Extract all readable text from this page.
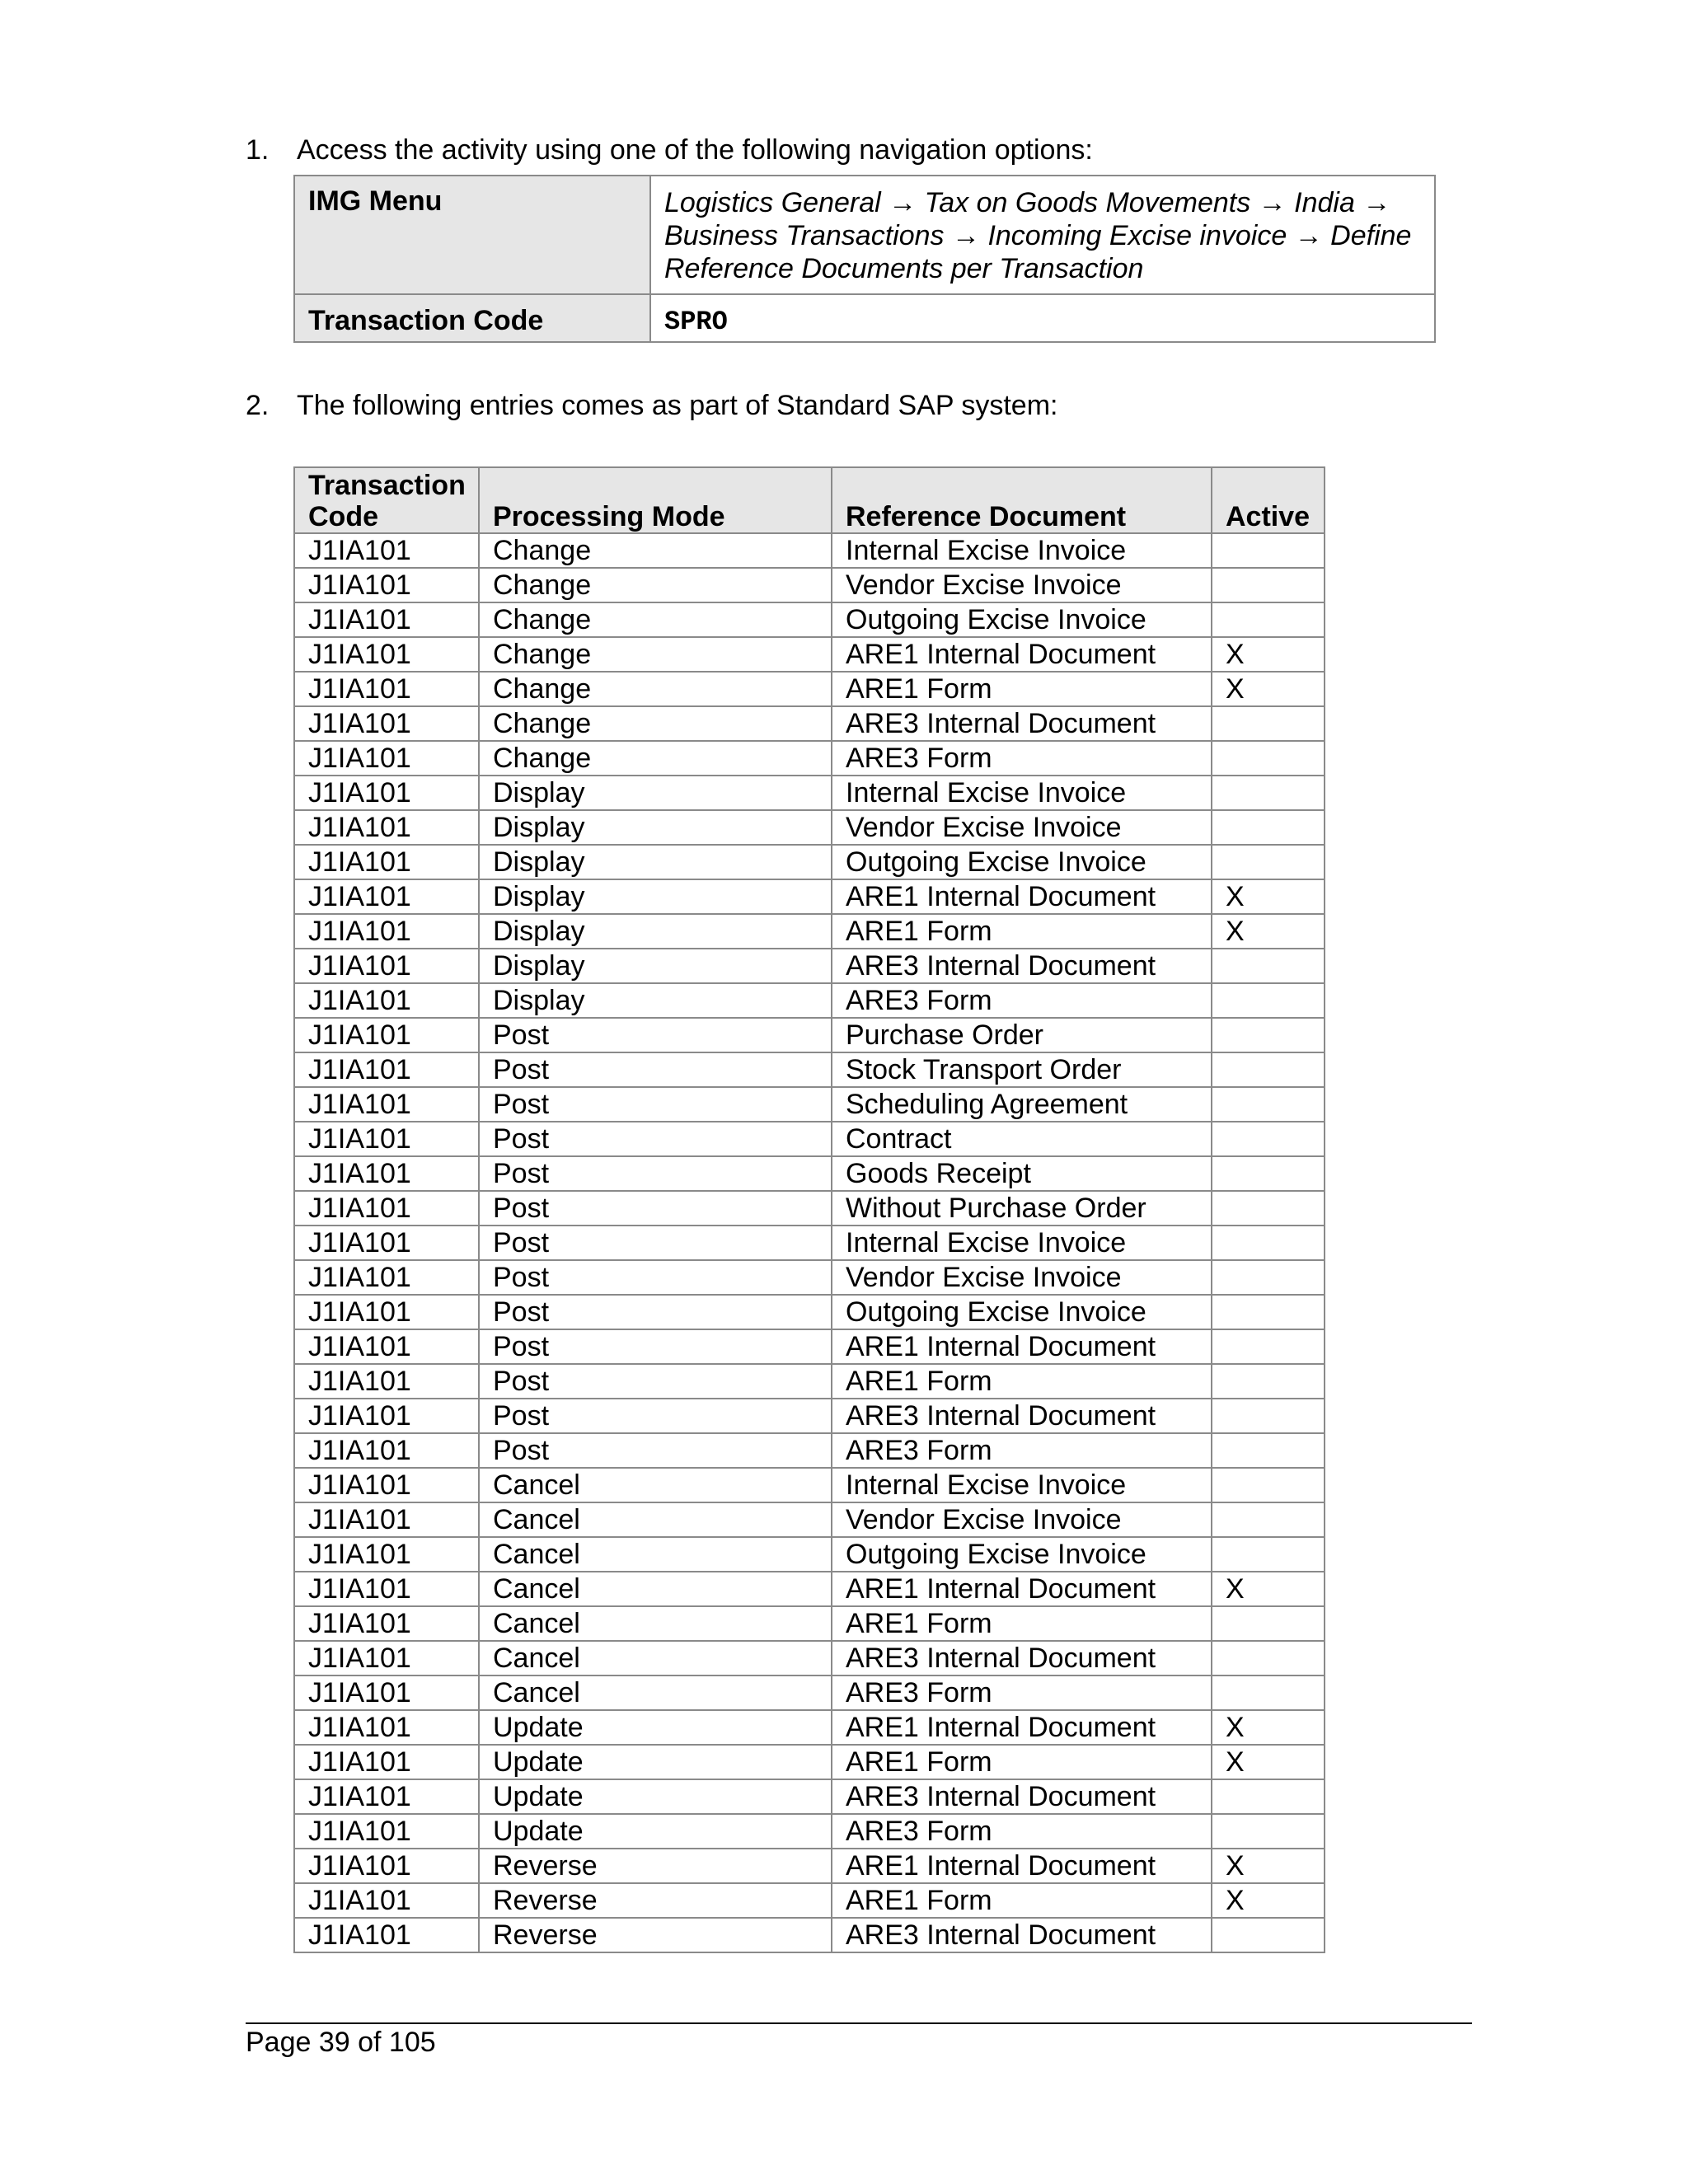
1. Access the activity using one of the following navigation options:
IMG Menu	Logistics General → Tax on Goods Movements → India →
Business Transactions → Incoming Excise invoice → Define Reference Documents per Transaction
Transaction Code	SPRO
2. The following entries comes as part of Standard SAP system:
Transaction Code	Processing Mode	Reference Document	Active
J1IA101	Change	Internal Excise Invoice	
J1IA101	Change	Vendor Excise Invoice	
J1IA101	Change	Outgoing Excise Invoice	
J1IA101	Change	ARE1 Internal Document	X
J1IA101	Change	ARE1 Form	X
J1IA101	Change	ARE3 Internal Document	
J1IA101	Change	ARE3 Form	
J1IA101	Display	Internal Excise Invoice	
J1IA101	Display	Vendor Excise Invoice	
J1IA101	Display	Outgoing Excise Invoice	
J1IA101	Display	ARE1 Internal Document	X
J1IA101	Display	ARE1 Form	X
J1IA101	Display	ARE3 Internal Document	
J1IA101	Display	ARE3 Form	
J1IA101	Post	Purchase Order	
J1IA101	Post	Stock Transport Order	
J1IA101	Post	Scheduling Agreement	
J1IA101	Post	Contract	
J1IA101	Post	Goods Receipt	
J1IA101	Post	Without Purchase Order	
J1IA101	Post	Internal Excise Invoice	
J1IA101	Post	Vendor Excise Invoice	
J1IA101	Post	Outgoing Excise Invoice	
J1IA101	Post	ARE1 Internal Document	
J1IA101	Post	ARE1 Form	
J1IA101	Post	ARE3 Internal Document	
J1IA101	Post	ARE3 Form	
J1IA101	Cancel	Internal Excise Invoice	
J1IA101	Cancel	Vendor Excise Invoice	
J1IA101	Cancel	Outgoing Excise Invoice	
J1IA101	Cancel	ARE1 Internal Document	X
J1IA101	Cancel	ARE1 Form	
J1IA101	Cancel	ARE3 Internal Document	
J1IA101	Cancel	ARE3 Form	
J1IA101	Update	ARE1 Internal Document	X
J1IA101	Update	ARE1 Form	X
J1IA101	Update	ARE3 Internal Document	
J1IA101	Update	ARE3 Form	
J1IA101	Reverse	ARE1 Internal Document	X
J1IA101	Reverse	ARE1 Form	X
J1IA101	Reverse	ARE3 Internal Document	
Page 39 of 105
